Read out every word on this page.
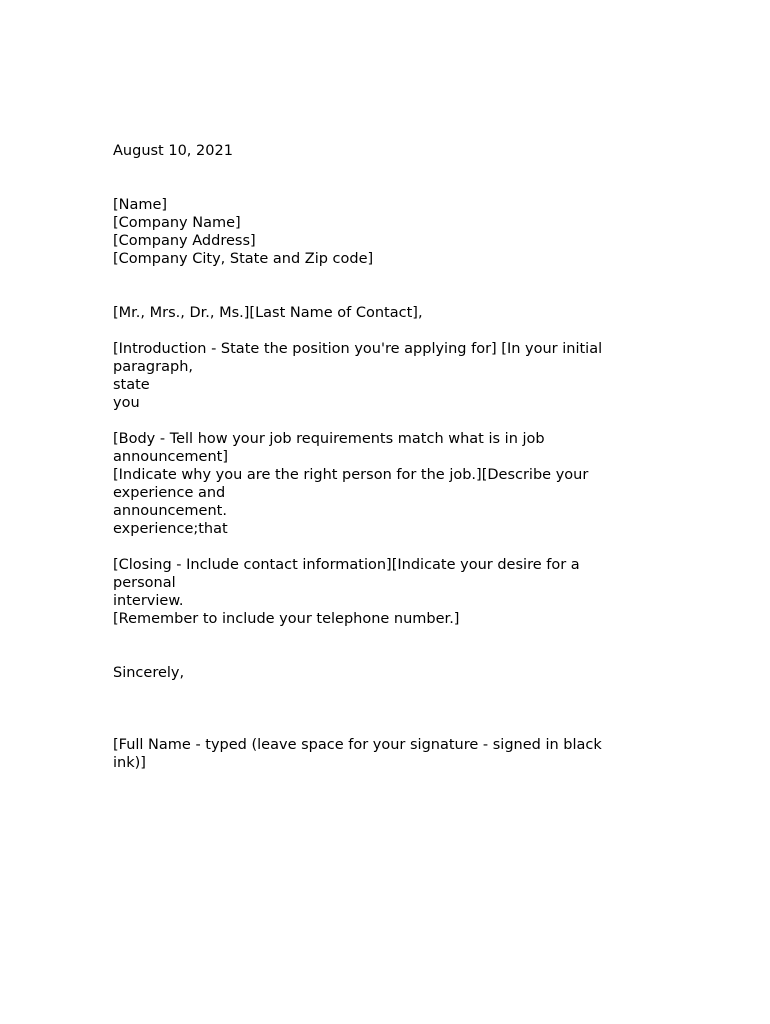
August 10, 2021
[Name]
[Company Name]
[Company Address]
[Company City, State and Zip code]
[Mr., Mrs., Dr., Ms.][Last Name of Contact],
[Introduction - State the position you're applying for] [In your initial
paragraph,
state
you
[Body - Tell how your job requirements match what is in job
announcement]
[Indicate why you are the right person for the job.][Describe your
experience and
announcement.
experience;that
[Closing - Include contact information][Indicate your desire for a
personal
interview.
[Remember to include your telephone number.]
Sincerely,
[Full Name - typed (leave space for your signature - signed in black
ink)]
